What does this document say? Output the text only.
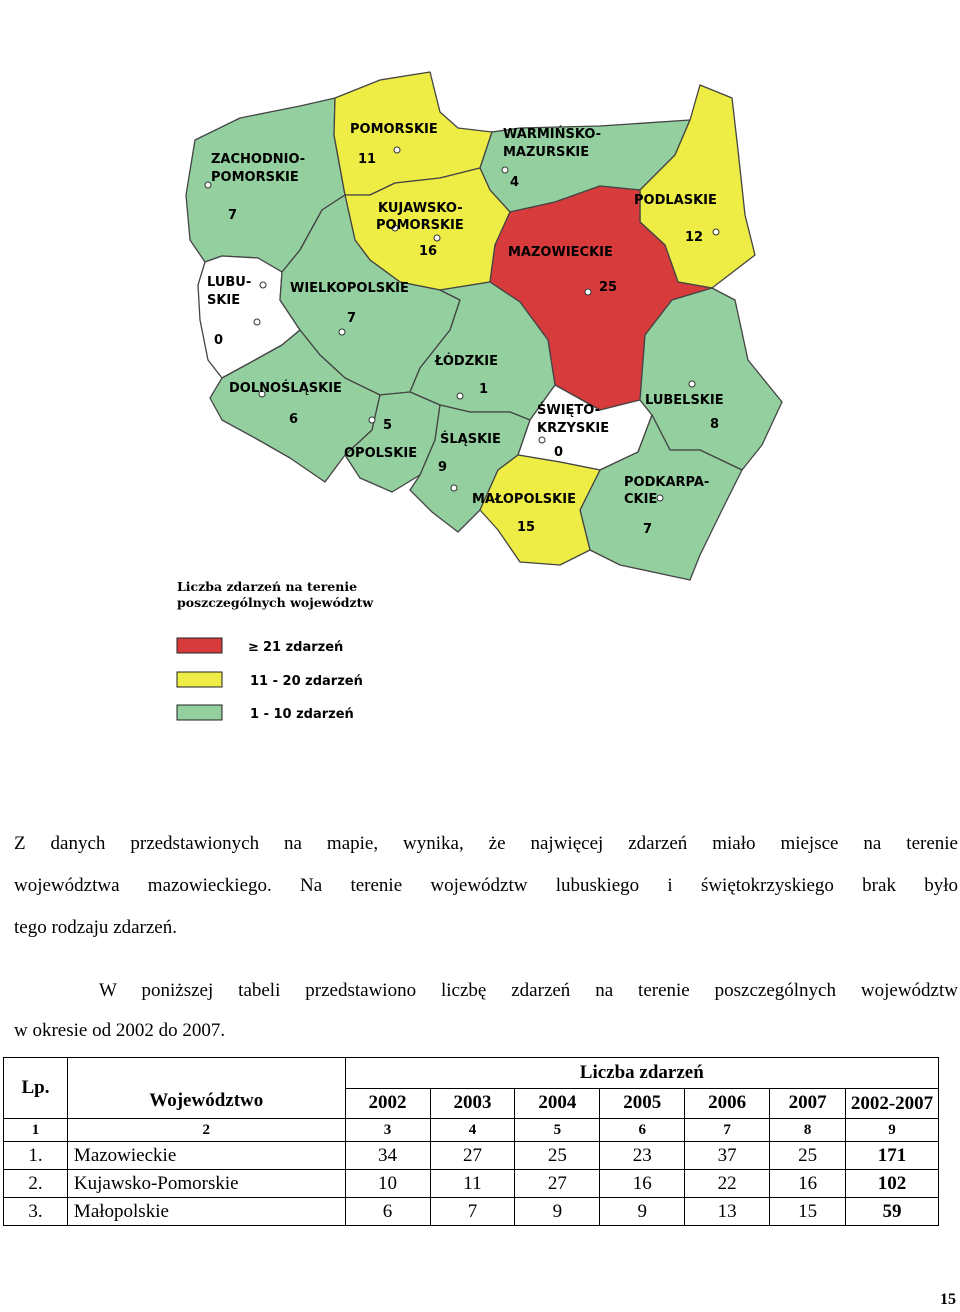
ZACHODNIO-
POMORSKIE
7
POMORSKIE
11
WARMIŃSKO-
MAZURSKIE
4
PODLASKIE
12
KUJAWSKO-
POMORSKIE
16	MAZOWIECKIE
25
LUBU-
SKIE
0
WIELKOPOLSKIE
7
ŁÓDZKIE
1
DOLNOŚLĄSKIE
6	5
OPOLSKIE
ŚLĄSKIE
9
ŚWIĘTO-
KRZYSKIE
0
LUBELSKIE
8
PODKARPA-
CKIE
7
MAŁOPOLSKIE
15
Liczba zdarzeń na terenie
poszczególnych województw
≥ 21 zdarzeń
11 - 20 zdarzeń
1 - 10 zdarzeń
Z danych przedstawionych na mapie, wynika, że najwięcej zdarzeń miało miejsce na terenie
województwa mazowieckiego. Na terenie województw lubuskiego i świętokrzyskiego brak było
tego rodzaju zdarzeń.
W poniższej tabeli przedstawiono liczbę zdarzeń na terenie poszczególnych województw
w okresie od 2002 do 2007.
Lp.	Województwo	Liczba zdarzeń						
		2002	2003	2004	2005	2006	2007	2002-2007
1	2	3	4	5	6	7	8	9
1.	Mazowieckie	34	27	25	23	37	25	171
2.	Kujawsko-Pomorskie	10	11	27	16	22	16	102
3.	Małopolskie	6	7	9	9	13	15	59
15
